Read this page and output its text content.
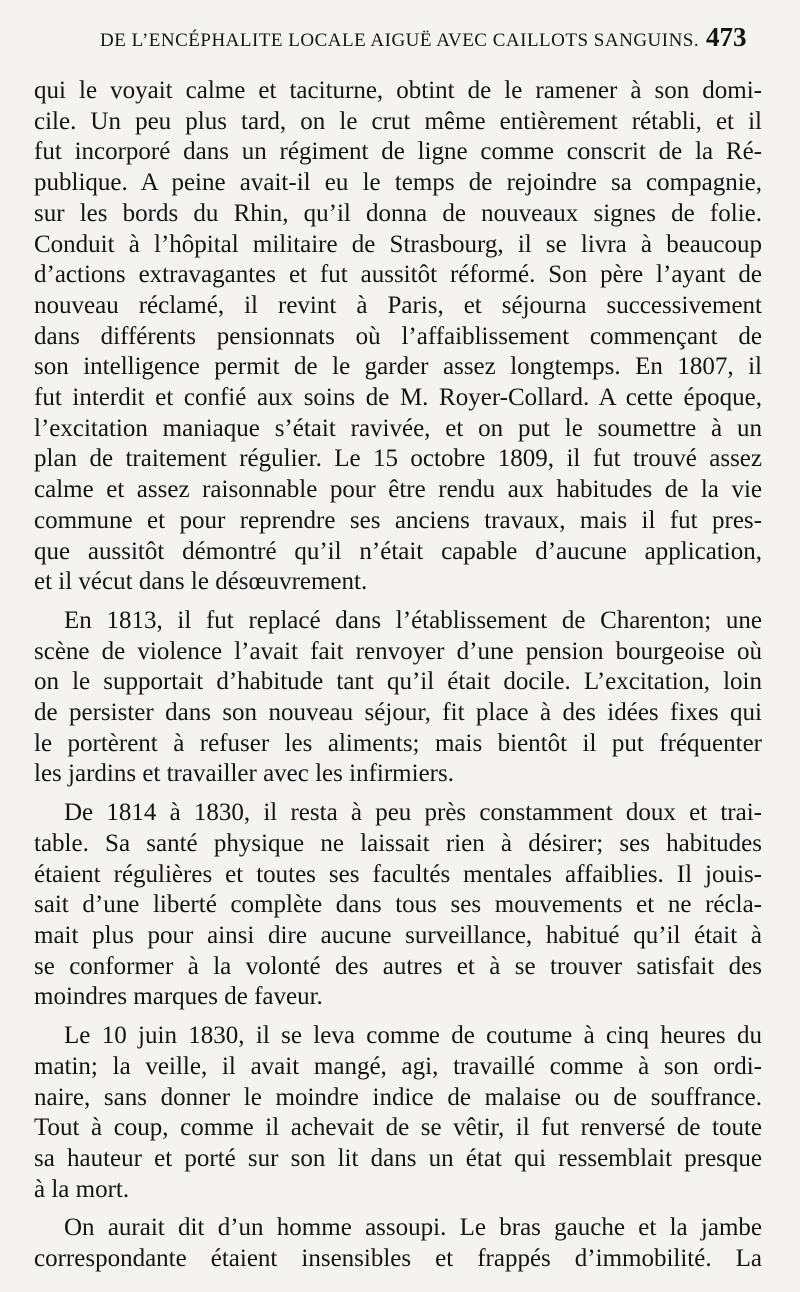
DE L’ENCÉPHALITE LOCALE AIGUË AVEC CAILLOTS SANGUINS. 473

qui le voyait calme et taciturne, obtint de le ramener à son domi-
cile. Un peu plus tard, on le crut même entièrement rétabli, et il
fut incorporé dans un régiment de ligne comme conscrit de la Ré-
publique. A peine avait-il eu le temps de rejoindre sa compagnie,
sur les bords du Rhin, qu’il donna de nouveaux signes de folie.
Conduit à l’hôpital militaire de Strasbourg, il se livra à beaucoup
d’actions extravagantes et fut aussitôt réformé. Son père l’ayant de
nouveau réclamé, il revint à Paris, et séjourna successivement
dans différents pensionnats où l’affaiblissement commençant de
son intelligence permit de le garder assez longtemps. En 1807, il
fut interdit et confié aux soins de M. Royer-Collard. A cette époque,
l’excitation maniaque s’était ravivée, et on put le soumettre à un
plan de traitement régulier. Le 15 octobre 1809, il fut trouvé assez
calme et assez raisonnable pour être rendu aux habitudes de la vie
commune et pour reprendre ses anciens travaux, mais il fut pres-
que aussitôt démontré qu’il n’était capable d’aucune application,
et il vécut dans le désœuvrement.

En 1813, il fut replacé dans l’établissement de Charenton; une
scène de violence l’avait fait renvoyer d’une pension bourgeoise où
on le supportait d’habitude tant qu’il était docile. L’excitation, loin
de persister dans son nouveau séjour, fit place à des idées fixes qui
le portèrent à refuser les aliments; mais bientôt il put fréquenter
les jardins et travailler avec les infirmiers.

De 1814 à 1830, il resta à peu près constamment doux et trai-
table. Sa santé physique ne laissait rien à désirer; ses habitudes
étaient régulières et toutes ses facultés mentales affaiblies. Il jouis-
sait d’une liberté complète dans tous ses mouvements et ne récla-
mait plus pour ainsi dire aucune surveillance, habitué qu’il était à
se conformer à la volonté des autres et à se trouver satisfait des
moindres marques de faveur.

Le 10 juin 1830, il se leva comme de coutume à cinq heures du
matin; la veille, il avait mangé, agi, travaillé comme à son ordi-
naire, sans donner le moindre indice de malaise ou de souffrance.
Tout à coup, comme il achevait de se vêtir, il fut renversé de toute
sa hauteur et porté sur son lit dans un état qui ressemblait presque
à la mort.

On aurait dit d’un homme assoupi. Le bras gauche et la jambe
correspondante étaient insensibles et frappés d’immobilité. La
